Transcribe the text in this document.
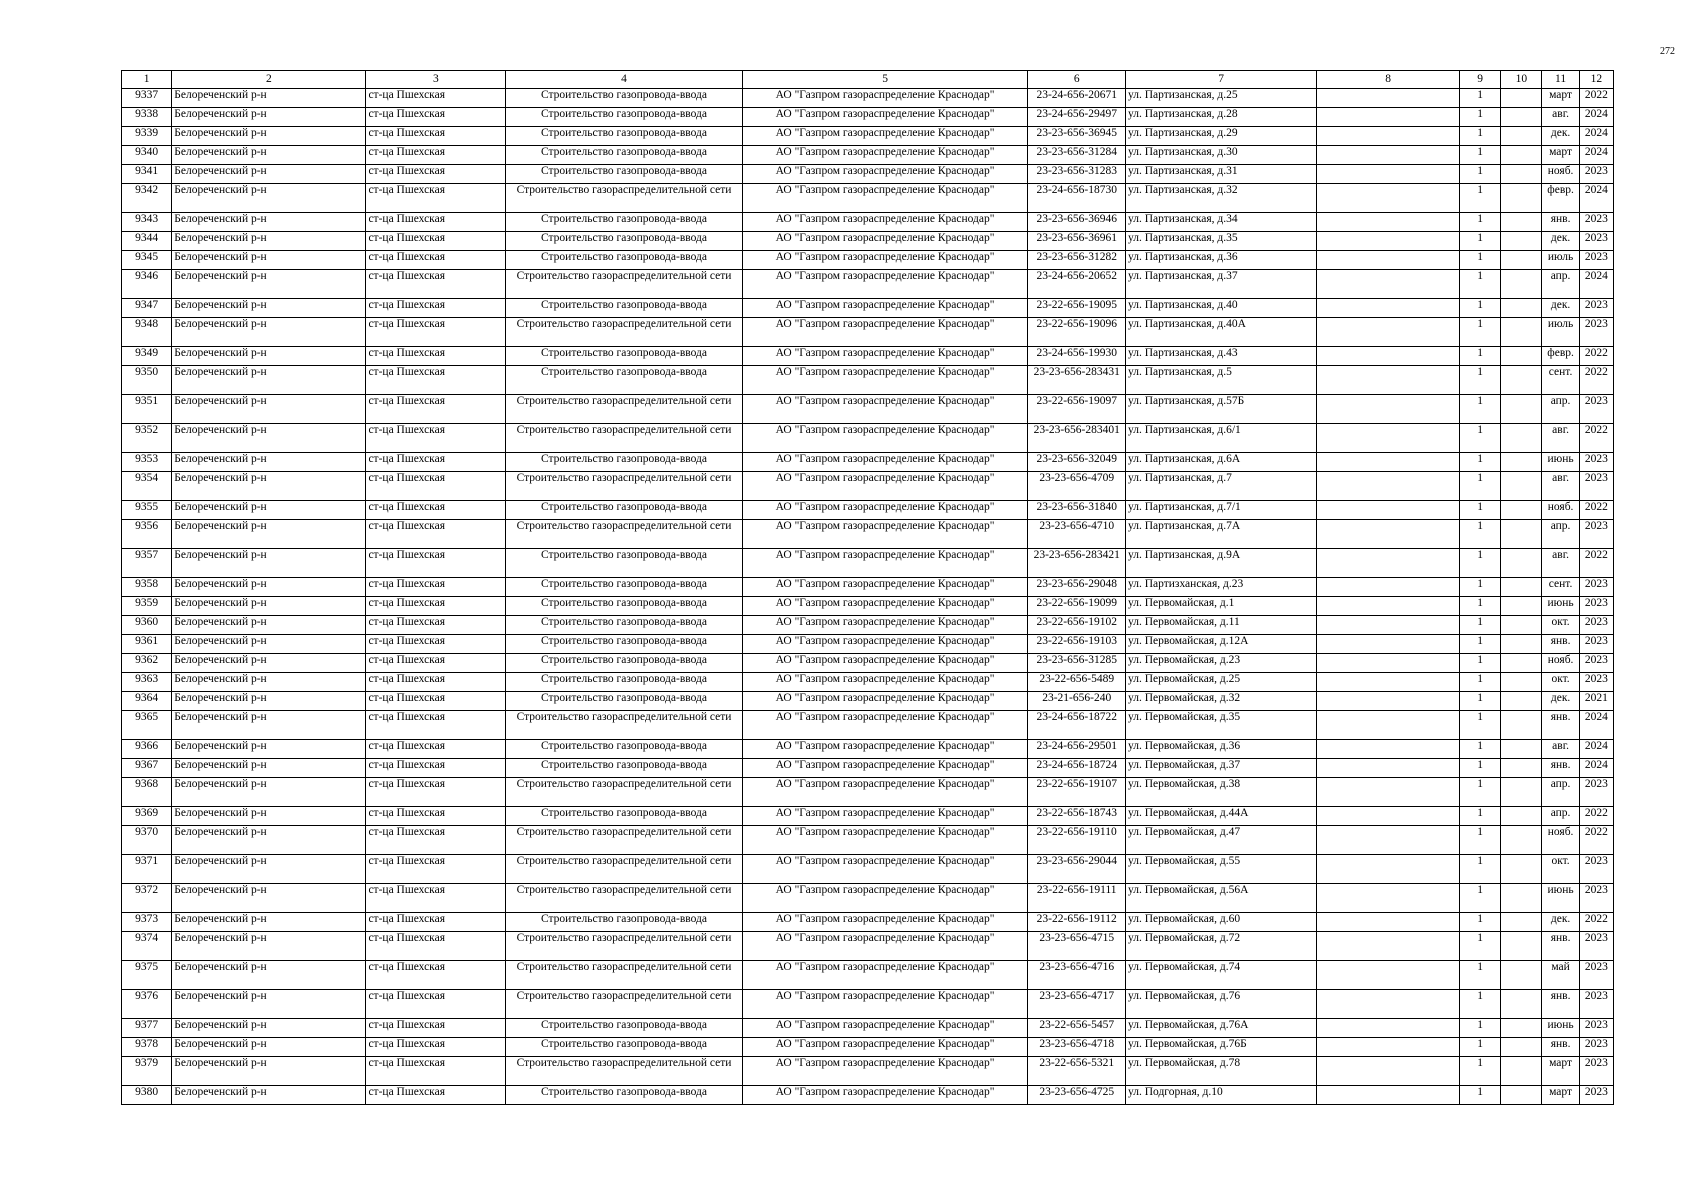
272
1	2	3	4	5	6	7	8	9	10	11	12
9337	Белореченский р-н	ст-ца Пшехская	Строительство газопровода-ввода	АО "Газпром газораспределение Краснодар"	23-24-656-20671	ул. Партизанская, д.25		1		март	2022
9338	Белореченский р-н	ст-ца Пшехская	Строительство газопровода-ввода	АО "Газпром газораспределение Краснодар"	23-24-656-29497	ул. Партизанская, д.28		1		авг.	2024
9339	Белореченский р-н	ст-ца Пшехская	Строительство газопровода-ввода	АО "Газпром газораспределение Краснодар"	23-23-656-36945	ул. Партизанская, д.29		1		дек.	2024
9340	Белореченский р-н	ст-ца Пшехская	Строительство газопровода-ввода	АО "Газпром газораспределение Краснодар"	23-23-656-31284	ул. Партизанская, д.30		1		март	2024
9341	Белореченский р-н	ст-ца Пшехская	Строительство газопровода-ввода	АО "Газпром газораспределение Краснодар"	23-23-656-31283	ул. Партизанская, д.31		1		нояб.	2023
9342	Белореченский р-н	ст-ца Пшехская	Строительство газораспределительной сети	АО "Газпром газораспределение Краснодар"	23-24-656-18730	ул. Партизанская, д.32		1		февр.	2024
9343	Белореченский р-н	ст-ца Пшехская	Строительство газопровода-ввода	АО "Газпром газораспределение Краснодар"	23-23-656-36946	ул. Партизанская, д.34		1		янв.	2023
9344	Белореченский р-н	ст-ца Пшехская	Строительство газопровода-ввода	АО "Газпром газораспределение Краснодар"	23-23-656-36961	ул. Партизанская, д.35		1		дек.	2023
9345	Белореченский р-н	ст-ца Пшехская	Строительство газопровода-ввода	АО "Газпром газораспределение Краснодар"	23-23-656-31282	ул. Партизанская, д.36		1		июль	2023
9346	Белореченский р-н	ст-ца Пшехская	Строительство газораспределительной сети	АО "Газпром газораспределение Краснодар"	23-24-656-20652	ул. Партизанская, д.37		1		апр.	2024
9347	Белореченский р-н	ст-ца Пшехская	Строительство газопровода-ввода	АО "Газпром газораспределение Краснодар"	23-22-656-19095	ул. Партизанская, д.40		1		дек.	2023
9348	Белореченский р-н	ст-ца Пшехская	Строительство газораспределительной сети	АО "Газпром газораспределение Краснодар"	23-22-656-19096	ул. Партизанская, д.40А		1		июль	2023
9349	Белореченский р-н	ст-ца Пшехская	Строительство газопровода-ввода	АО "Газпром газораспределение Краснодар"	23-24-656-19930	ул. Партизанская, д.43		1		февр.	2022
9350	Белореченский р-н	ст-ца Пшехская	Строительство газопровода-ввода	АО "Газпром газораспределение Краснодар"	23-23-656-283431	ул. Партизанская, д.5		1		сент.	2022
9351	Белореченский р-н	ст-ца Пшехская	Строительство газораспределительной сети	АО "Газпром газораспределение Краснодар"	23-22-656-19097	ул. Партизанская, д.57Б		1		апр.	2023
9352	Белореченский р-н	ст-ца Пшехская	Строительство газораспределительной сети	АО "Газпром газораспределение Краснодар"	23-23-656-283401	ул. Партизанская, д.6/1		1		авг.	2022
9353	Белореченский р-н	ст-ца Пшехская	Строительство газопровода-ввода	АО "Газпром газораспределение Краснодар"	23-23-656-32049	ул. Партизанская, д.6А		1		июнь	2023
9354	Белореченский р-н	ст-ца Пшехская	Строительство газораспределительной сети	АО "Газпром газораспределение Краснодар"	23-23-656-4709	ул. Партизанская, д.7		1		авг.	2023
9355	Белореченский р-н	ст-ца Пшехская	Строительство газопровода-ввода	АО "Газпром газораспределение Краснодар"	23-23-656-31840	ул. Партизанская, д.7/1		1		нояб.	2022
9356	Белореченский р-н	ст-ца Пшехская	Строительство газораспределительной сети	АО "Газпром газораспределение Краснодар"	23-23-656-4710	ул. Партизанская, д.7А		1		апр.	2023
9357	Белореченский р-н	ст-ца Пшехская	Строительство газопровода-ввода	АО "Газпром газораспределение Краснодар"	23-23-656-283421	ул. Партизанская, д.9А		1		авг.	2022
9358	Белореченский р-н	ст-ца Пшехская	Строительство газопровода-ввода	АО "Газпром газораспределение Краснодар"	23-23-656-29048	ул. Партизханская, д.23		1		сент.	2023
9359	Белореченский р-н	ст-ца Пшехская	Строительство газопровода-ввода	АО "Газпром газораспределение Краснодар"	23-22-656-19099	ул. Первомайская, д.1		1		июнь	2023
9360	Белореченский р-н	ст-ца Пшехская	Строительство газопровода-ввода	АО "Газпром газораспределение Краснодар"	23-22-656-19102	ул. Первомайская, д.11		1		окт.	2023
9361	Белореченский р-н	ст-ца Пшехская	Строительство газопровода-ввода	АО "Газпром газораспределение Краснодар"	23-22-656-19103	ул. Первомайская, д.12А		1		янв.	2023
9362	Белореченский р-н	ст-ца Пшехская	Строительство газопровода-ввода	АО "Газпром газораспределение Краснодар"	23-23-656-31285	ул. Первомайская, д.23		1		нояб.	2023
9363	Белореченский р-н	ст-ца Пшехская	Строительство газопровода-ввода	АО "Газпром газораспределение Краснодар"	23-22-656-5489	ул. Первомайская, д.25		1		окт.	2023
9364	Белореченский р-н	ст-ца Пшехская	Строительство газопровода-ввода	АО "Газпром газораспределение Краснодар"	23-21-656-240	ул. Первомайская, д.32		1		дек.	2021
9365	Белореченский р-н	ст-ца Пшехская	Строительство газораспределительной сети	АО "Газпром газораспределение Краснодар"	23-24-656-18722	ул. Первомайская, д.35		1		янв.	2024
9366	Белореченский р-н	ст-ца Пшехская	Строительство газопровода-ввода	АО "Газпром газораспределение Краснодар"	23-24-656-29501	ул. Первомайская, д.36		1		авг.	2024
9367	Белореченский р-н	ст-ца Пшехская	Строительство газопровода-ввода	АО "Газпром газораспределение Краснодар"	23-24-656-18724	ул. Первомайская, д.37		1		янв.	2024
9368	Белореченский р-н	ст-ца Пшехская	Строительство газораспределительной сети	АО "Газпром газораспределение Краснодар"	23-22-656-19107	ул. Первомайская, д.38		1		апр.	2023
9369	Белореченский р-н	ст-ца Пшехская	Строительство газопровода-ввода	АО "Газпром газораспределение Краснодар"	23-22-656-18743	ул. Первомайская, д.44А		1		апр.	2022
9370	Белореченский р-н	ст-ца Пшехская	Строительство газораспределительной сети	АО "Газпром газораспределение Краснодар"	23-22-656-19110	ул. Первомайская, д.47		1		нояб.	2022
9371	Белореченский р-н	ст-ца Пшехская	Строительство газораспределительной сети	АО "Газпром газораспределение Краснодар"	23-23-656-29044	ул. Первомайская, д.55		1		окт.	2023
9372	Белореченский р-н	ст-ца Пшехская	Строительство газораспределительной сети	АО "Газпром газораспределение Краснодар"	23-22-656-19111	ул. Первомайская, д.56А		1		июнь	2023
9373	Белореченский р-н	ст-ца Пшехская	Строительство газопровода-ввода	АО "Газпром газораспределение Краснодар"	23-22-656-19112	ул. Первомайская, д.60		1		дек.	2022
9374	Белореченский р-н	ст-ца Пшехская	Строительство газораспределительной сети	АО "Газпром газораспределение Краснодар"	23-23-656-4715	ул. Первомайская, д.72		1		янв.	2023
9375	Белореченский р-н	ст-ца Пшехская	Строительство газораспределительной сети	АО "Газпром газораспределение Краснодар"	23-23-656-4716	ул. Первомайская, д.74		1		май	2023
9376	Белореченский р-н	ст-ца Пшехская	Строительство газораспределительной сети	АО "Газпром газораспределение Краснодар"	23-23-656-4717	ул. Первомайская, д.76		1		янв.	2023
9377	Белореченский р-н	ст-ца Пшехская	Строительство газопровода-ввода	АО "Газпром газораспределение Краснодар"	23-22-656-5457	ул. Первомайская, д.76А		1		июнь	2023
9378	Белореченский р-н	ст-ца Пшехская	Строительство газопровода-ввода	АО "Газпром газораспределение Краснодар"	23-23-656-4718	ул. Первомайская, д.76Б		1		янв.	2023
9379	Белореченский р-н	ст-ца Пшехская	Строительство газораспределительной сети	АО "Газпром газораспределение Краснодар"	23-22-656-5321	ул. Первомайская, д.78		1		март	2023
9380	Белореченский р-н	ст-ца Пшехская	Строительство газопровода-ввода	АО "Газпром газораспределение Краснодар"	23-23-656-4725	ул. Подгорная, д.10		1		март	2023
